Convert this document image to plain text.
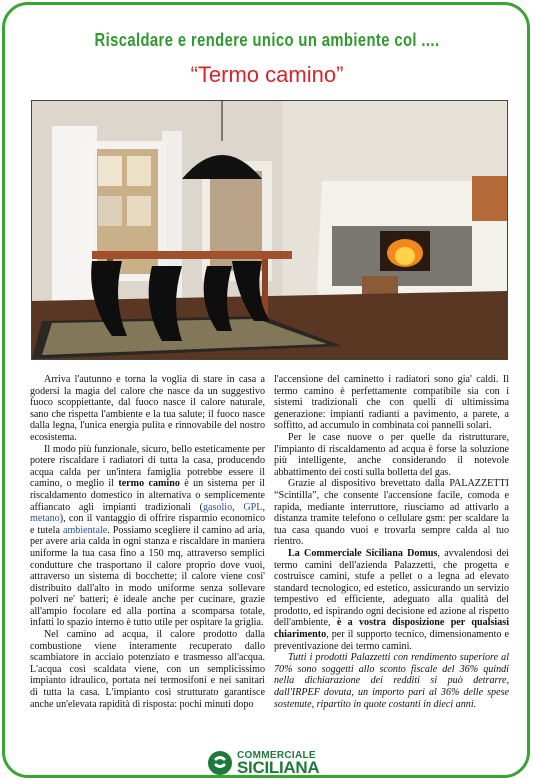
Riscaldare e rendere unico un ambiente col ....
“Termo camino”

Arriva l'autunno e torna la voglia di stare in casa a godersi la magia del calore che nasce da un suggestivo fuoco scoppiettante, dal fuoco nasce il calore naturale, sano che rispetta l'ambiente e la tua salute; il fuoco nasce dalla legna, l'unica energia pulita e rinnovabile del nostro ecosistema.

Il modo più funzionale, sicuro, bello esteticamente per potere riscaldare i radiatori di tutta la casa, producendo acqua calda per un'intera famiglia potrebbe essere il camino, o meglio il termo camino è un sistema per il riscaldamento domestico in alternativa o semplicemente affiancato agli impianti tradizionali (gasolio, GPL, metano), con il vantaggio di offrire risparmio economico e tutela ambientale. Possiamo scegliere il camino ad aria, per avere aria calda in ogni stanza e riscaldare in maniera uniforme la tua casa fino a 150 mq, attraverso semplici condutture che trasportano il calore proprio dove vuoi, attraverso un sistema di bocchette; il calore viene cosi' distribuito dall'alto in modo uniforme senza sollevare polveri ne' batteri; è ideale anche per cucinare, grazie all'ampio focolare ed alla portina a scomparsa totale, infatti lo spazio interno è tutto utile per ospitare la griglia.

Nel camino ad acqua, il calore prodotto dalla combustione viene interamente recuperato dallo scambiatore in acciaio potenziato e trasmesso all'acqua. L'acqua così scaldata viene, con un semplicissimo impianto idraulico, portata nei termosifoni e nei sanitari di tutta la casa. L'impianto così strutturato garantisce anche un'elevata rapidità di risposta: pochi minuti dopo

l'accensione del caminetto i radiatori sono gia' caldi. Il termo camino è perfettamente compatibile sia con i sistemi tradizionali che con quelli di ultimissima generazione: impianti radianti a pavimento, a parete, a soffitto, ad accumulo in combinata coi pannelli solari.

Per le case nuove o per quelle da ristrutturare, l'impianto di riscaldamento ad acqua è forse la soluzione più intelligente, anche considerando il notevole abbattimento dei costi sulla bolletta del gas.

Grazie al dispositivo brevettato dalla PALAZZETTI “Scintilla”, che consente l'accensione facile, comoda e rapida, mediante interruttore, riusciamo ad attivarlo a distanza tramite telefono o cellulare gsm: per scaldare la tua casa quando vuoi e trovarla sempre calda al tuo rientro.

La Commerciale Siciliana Domus, avvalendosi dei termo camini dell'azienda Palazzetti, che progetta e costruisce camini, stufe a pellet o a legna ad elevato standard tecnologico, ed estetico, assicurando un servizio tempestivo ed efficiente, adeguato alla qualità del prodotto, ed ispirando ogni decisione ed azione al rispetto dell'ambiente, è a vostra disposizione per qualsiasi chiarimento, per il supporto tecnico, dimensionamento e preventivazione dei termo camini.

Tutti i prodotti Palazzetti con rendimento superiore al 70% sono soggetti allo sconto fiscale del 36% quindi nella dichiarazione dei redditi si può detrarre, dall'IRPEF dovuta, un importo pari al 36% delle spese sostenute, ripartito in quote costanti in dieci anni.

COMMERCIALE
SICILIANA
